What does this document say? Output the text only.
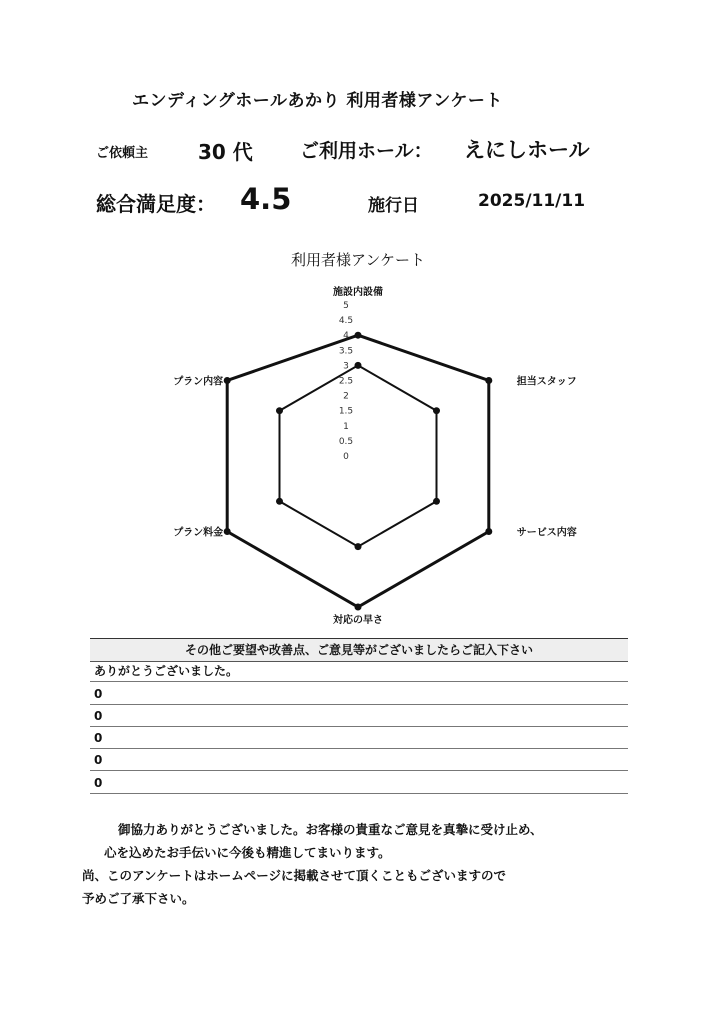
エンディングホールあかり 利用者様アンケート
ご依頼主 30 代 ご利用ホール： えにしホール
総合満足度： 4.5	施行日	2025/11/11
利用者様アンケート
5
4.5
4
3.5
3
2.5
2
1.5
1
0.5
0
施設内設備
担当スタッフ
サービス内容
対応の早さ
プラン料金
プラン内容
その他ご要望や改善点、ご意見等がございましたらご記入下さい
ありがとうございました。
0
0
0
0
0
御協力ありがとうございました。お客様の貴重なご意見を真摯に受け止め、
心を込めたお手伝いに今後も精進してまいります。
尚、このアンケートはホームページに掲載させて頂くこともございますので
予めご了承下さい。
